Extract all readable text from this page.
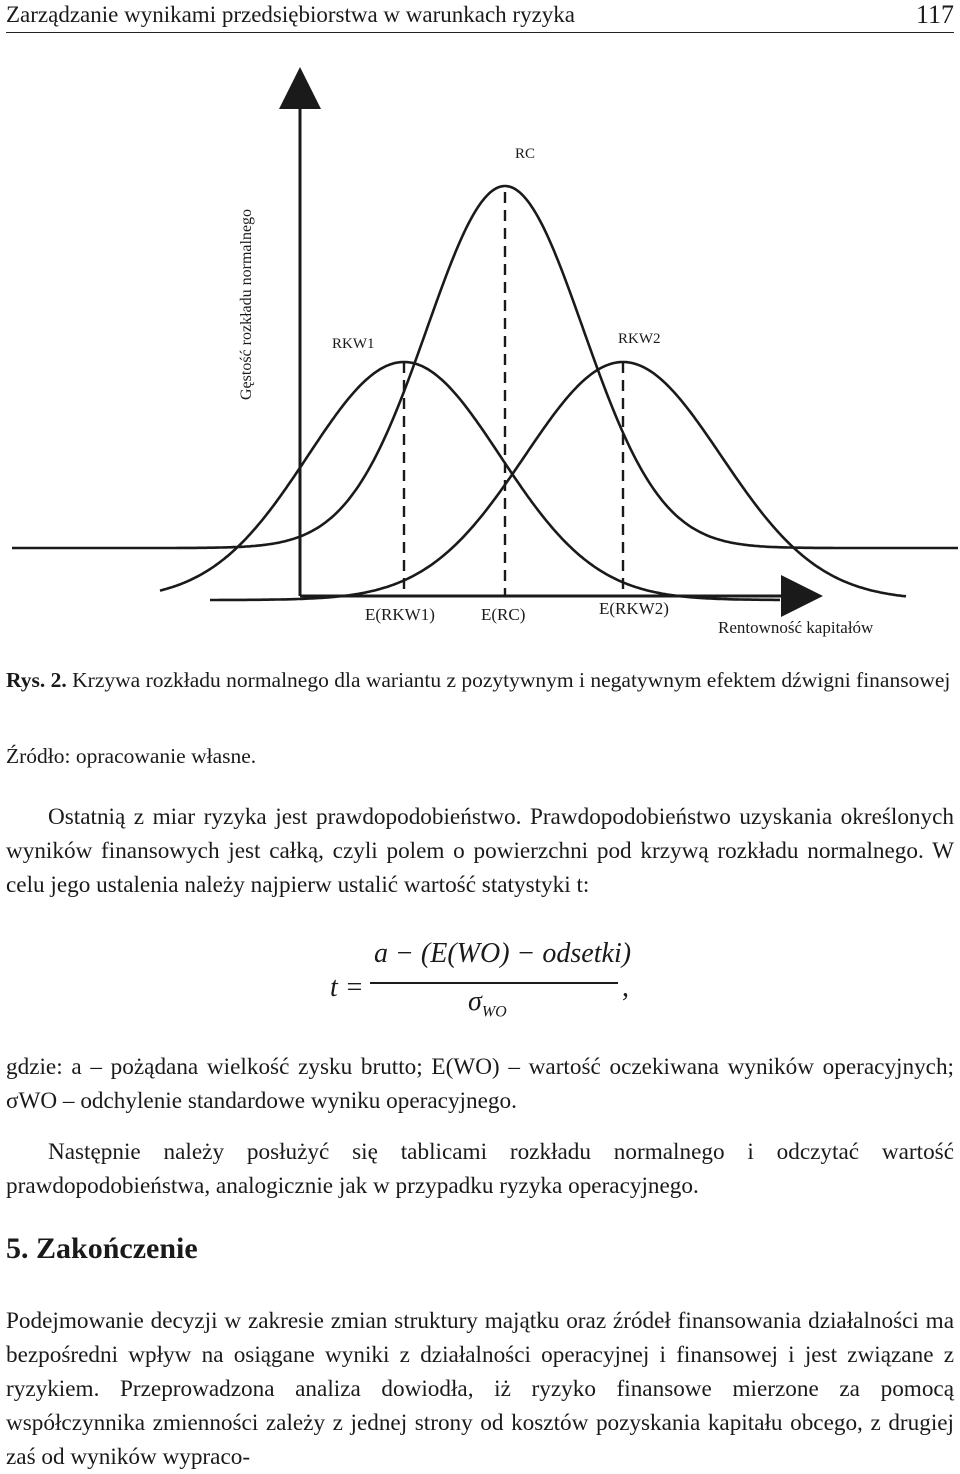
Zarządzanie wynikami przedsiębiorstwa w warunkach ryzyka	117
Gęstość rozkładu normalnego
Rentowność kapitałów
RC
RKW1	RKW2
E(RKW1)	E(RC)	E(RKW2)
Rys. 2. Krzywa rozkładu normalnego dla wariantu z pozytywnym i negatywnym efektem dźwigni finansowej
Źródło: opracowanie własne.
Ostatnią z miar ryzyka jest prawdopodobieństwo. Prawdopodobieństwo uzyskania określonych wyników finansowych jest całką, czyli polem o powierzchni pod krzywą rozkładu normalnego. W celu jego ustalenia należy najpierw ustalić wartość statystyki t:
t =
a − (E(WO) − odsetki)
$\sigma_{WO}$
,
gdzie: a – pożądana wielkość zysku brutto; E(WO) – wartość oczekiwana wyników operacyjnych; σWO – odchylenie standardowe wyniku operacyjnego.
Następnie należy posłużyć się tablicami rozkładu normalnego i odczytać wartość prawdopodobieństwa, analogicznie jak w przypadku ryzyka operacyjnego.
5. Zakończenie
Podejmowanie decyzji w zakresie zmian struktury majątku oraz źródeł finansowania działalności ma bezpośredni wpływ na osiągane wyniki z działalności operacyjnej i finansowej i jest związane z ryzykiem. Przeprowadzona analiza dowiodła, iż ryzyko finansowe mierzone za pomocą współczynnika zmienności zależy z jednej strony od kosztów pozyskania kapitału obcego, z drugiej zaś od wyników wypraco-
